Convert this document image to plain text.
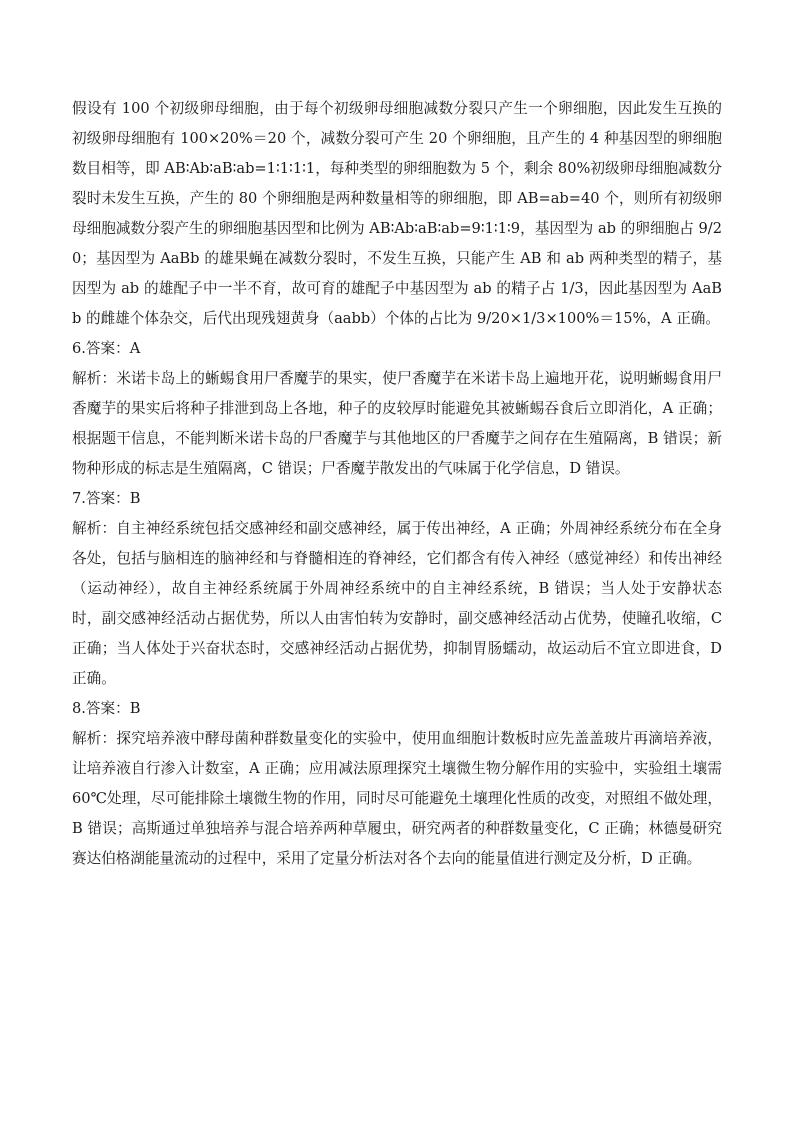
假设有 100 个初级卵母细胞，由于每个初级卵母细胞减数分裂只产生一个卵细胞，因此发生互换的初级卵母细胞有 100×20%＝20 个，减数分裂可产生 20 个卵细胞，且产生的 4 种基因型的卵细胞数目相等，即 AB∶Ab∶aB∶ab=1∶1∶1∶1，每种类型的卵细胞数为 5 个，剩余 80%初级卵母细胞减数分裂时未发生互换，产生的 80 个卵细胞是两种数量相等的卵细胞，即 AB=ab=40 个，则所有初级卵母细胞减数分裂产生的卵细胞基因型和比例为 AB∶Ab∶aB∶ab=9∶1∶1∶9，基因型为 ab 的卵细胞占 9/20；基因型为 AaBb 的雄果蝇在减数分裂时，不发生互换，只能产生 AB 和 ab 两种类型的精子，基因型为 ab 的雄配子中一半不育，故可育的雄配子中基因型为 ab 的精子占 1/3，因此基因型为 AaBb 的雌雄个体杂交，后代出现残翅黄身（aabb）个体的占比为 9/20×1/3×100%＝15%，A 正确。

6.答案：A

解析：米诺卡岛上的蜥蜴食用尸香魔芋的果实，使尸香魔芋在米诺卡岛上遍地开花，说明蜥蜴食用尸香魔芋的果实后将种子排泄到岛上各地，种子的皮较厚时能避免其被蜥蜴吞食后立即消化，A 正确；根据题干信息，不能判断米诺卡岛的尸香魔芋与其他地区的尸香魔芋之间存在生殖隔离，B 错误；新物种形成的标志是生殖隔离，C 错误；尸香魔芋散发出的气味属于化学信息，D 错误。

7.答案：B

解析：自主神经系统包括交感神经和副交感神经，属于传出神经，A 正确；外周神经系统分布在全身各处，包括与脑相连的脑神经和与脊髓相连的脊神经，它们都含有传入神经（感觉神经）和传出神经（运动神经），故自主神经系统属于外周神经系统中的自主神经系统，B 错误；当人处于安静状态时，副交感神经活动占据优势，所以人由害怕转为安静时，副交感神经活动占优势，使瞳孔收缩，C 正确；当人体处于兴奋状态时，交感神经活动占据优势，抑制胃肠蠕动，故运动后不宜立即进食，D 正确。

8.答案：B

解析：探究培养液中酵母菌种群数量变化的实验中，使用血细胞计数板时应先盖盖玻片再滴培养液，让培养液自行渗入计数室，A 正确；应用减法原理探究土壤微生物分解作用的实验中，实验组土壤需60℃处理，尽可能排除土壤微生物的作用，同时尽可能避免土壤理化性质的改变，对照组不做处理，B 错误；高斯通过单独培养与混合培养两种草履虫，研究两者的种群数量变化，C 正确；林德曼研究赛达伯格湖能量流动的过程中，采用了定量分析法对各个去向的能量值进行测定及分析，D 正确。
